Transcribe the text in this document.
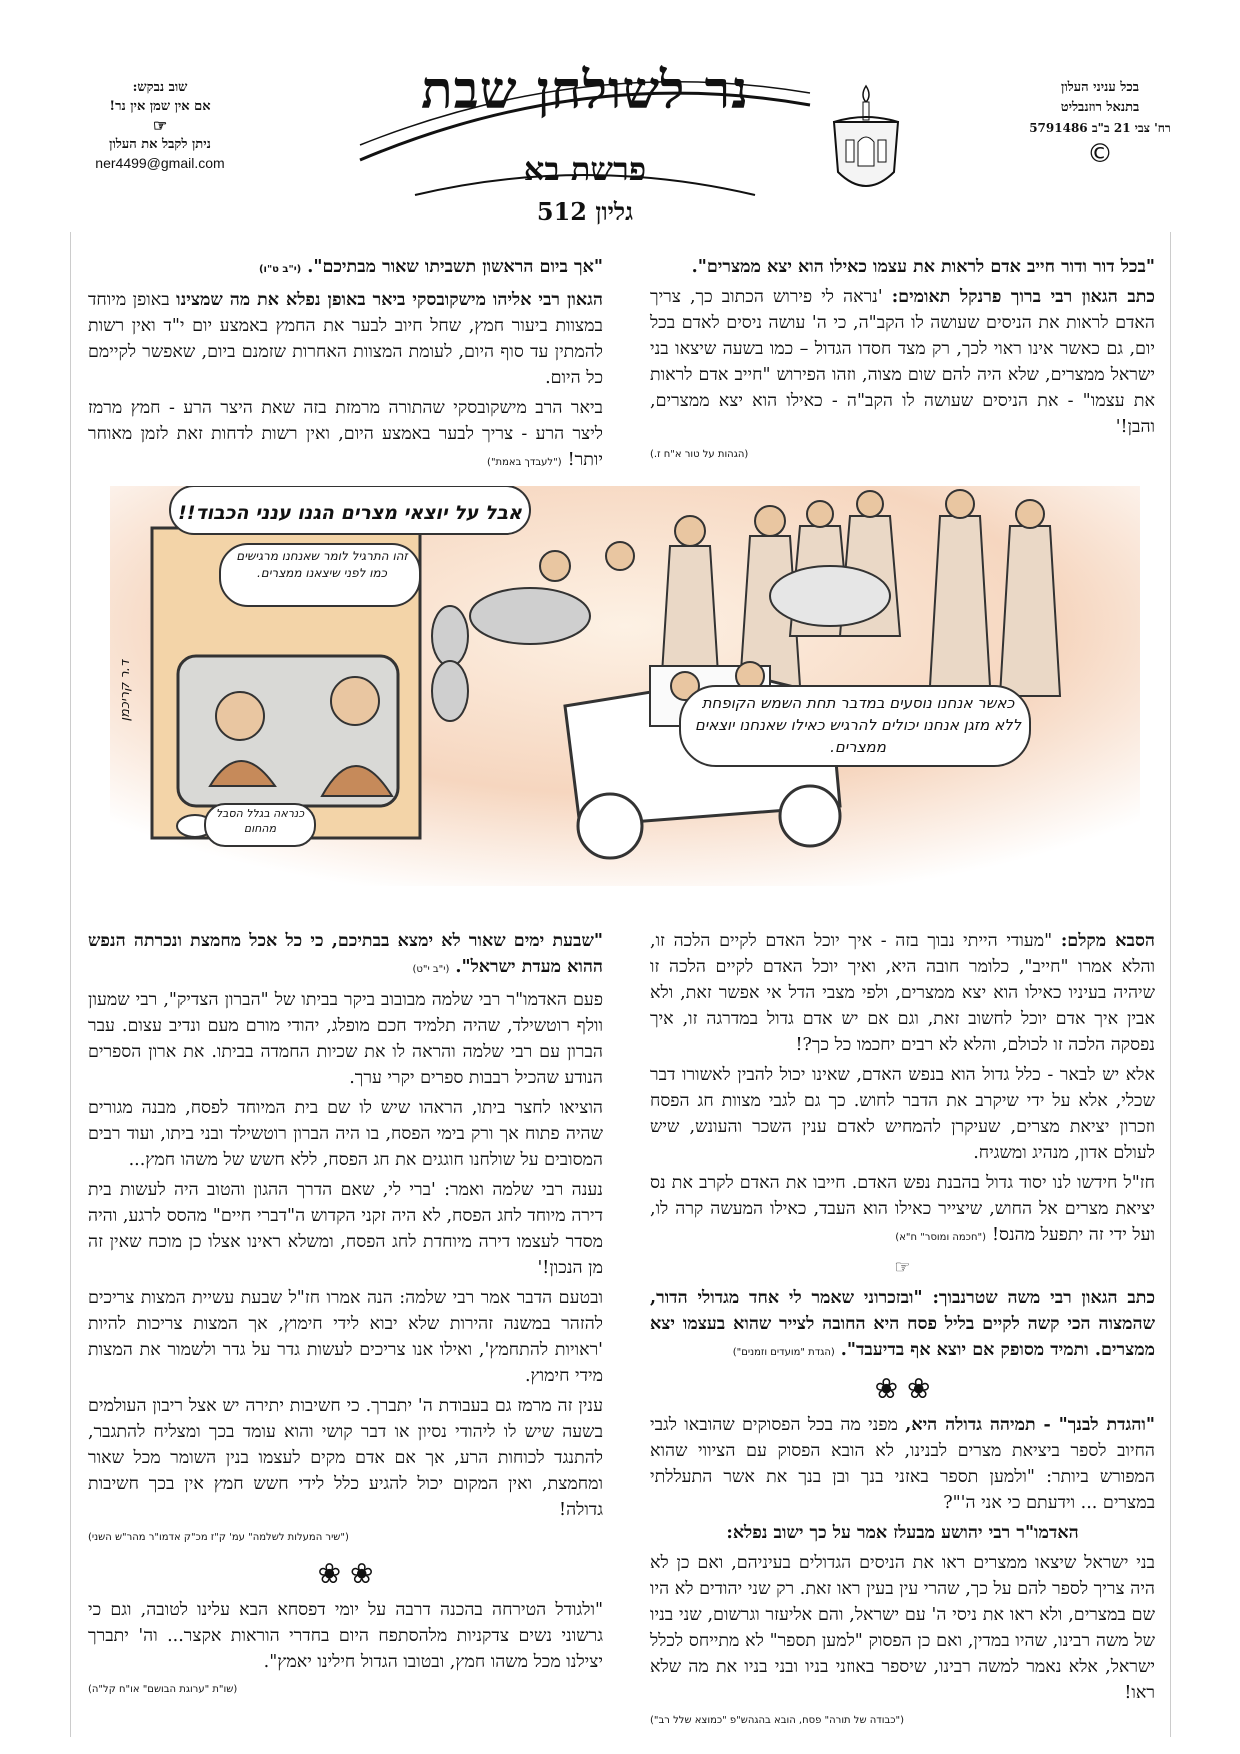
שוב נבקש:
אם אין שמן אין נר!
☞
ניתן לקבל את העלון
ner4499@gmail.com
נר לשולחן שבת
פרשת בא
גליון 512
בכל עניני העלון
בתנאל רוזנבליט
רח' צבי 21 ב"ב 5791486
©

"בכל דור ודור חייב אדם לראות את עצמו כאילו הוא יצא ממצרים".

כתב הגאון רבי ברוך פרנקל תאומים: 'נראה לי פירוש הכתוב כך, צריך האדם לראות את הניסים שעושה לו הקב"ה, כי ה' עושה ניסים לאדם בכל יום, גם כאשר אינו ראוי לכך, רק מצד חסדו הגדול – כמו בשעה שיצאו בני ישראל ממצרים, שלא היה להם שום מצוה, וזהו הפירוש "חייב אדם לראות את עצמו" - את הניסים שעושה לו הקב"ה - כאילו הוא יצא ממצרים, והבן!'

(הגהות על טור א"ח ז.)

"אך ביום הראשון תשביתו שאור מבתיכם".(י"ב ט"ו)

הגאון רבי אליהו מישקובסקי ביאר באופן נפלא את מה שמצינו באופן מיוחד במצוות ביעור חמץ, שחל חיוב לבער את החמץ באמצע יום י"ד ואין רשות להמתין עד סוף היום, לעומת המצוות האחרות שזמנם ביום, שאפשר לקיימם כל היום.

ביאר הרב מישקובסקי שהתורה מרמזת בזה שאת היצר הרע - חמץ מרמז ליצר הרע - צריך לבער באמצע היום, ואין רשות לדחות זאת לזמן מאוחר יותר!("לעבדך באמת")

אבל על יוצאי מצרים הגנו ענני הכבוד!!
זהו התרגיל לומר שאנחנו מרגישים כמו לפני שיצאנו ממצרים.
כאשר אנחנו נוסעים במדבר תחת השמש הקופחת ללא מזגן אנחנו יכולים להרגיש כאילו שאנחנו יוצאים ממצרים.
כנראה בגלל הסבל מהחום
ד.ר קריכמן

הסבא מקלם: "מעודי הייתי נבוך בזה - איך יוכל האדם לקיים הלכה זו, והלא אמרו "חייב", כלומר חובה היא, ואיך יוכל האדם לקיים הלכה זו שיהיה בעיניו כאילו הוא יצא ממצרים, ולפי מצבי הדל אי אפשר זאת, ולא אבין איך אדם יוכל לחשוב זאת, וגם אם יש אדם גדול במדרגה זו, איך נפסקה הלכה זו לכולם, והלא לא רבים יחכמו כל כך?!

אלא יש לבאר - כלל גדול הוא בנפש האדם, שאינו יכול להבין לאשורו דבר שכלי, אלא על ידי שיקרב את הדבר לחוש. כך גם לגבי מצוות חג הפסח וזכרון יציאת מצרים, שעיקרן להמחיש לאדם ענין השכר והעונש, שיש לעולם אדון, מנהיג ומשגיח.

חז"ל חידשו לנו יסוד גדול בהבנת נפש האדם. חייבו את האדם לקרב את נס יציאת מצרים אל החוש, שיצייר כאילו הוא העבד, כאילו המעשה קרה לו, ועל ידי זה יתפעל מהנס!("חכמה ומוסר" ח"א)

☞

כתב הגאון רבי משה שטרנבוך: "ובזכרוני שאמר לי אחד מגדולי הדור, שהמצוה הכי קשה לקיים בליל פסח היא החובה לצייר שהוא בעצמו יצא ממצרים. ותמיד מסופק אם יוצא אף בדיעבד".(הגדת "מועדים וזמנים")

❀ ❀

"והגדת לבנך" - תמיהה גדולה היא, מפני מה בכל הפסוקים שהובאו לגבי החיוב לספר ביציאת מצרים לבנינו, לא הובא הפסוק עם הציווי שהוא המפורש ביותר: "ולמען תספר באזני בנך ובן בנך את אשר התעללתי במצרים ... וידעתם כי אני ה'"?

האדמו"ר רבי יהושע מבעלז אמר על כך ישוב נפלא:

בני ישראל שיצאו ממצרים ראו את הניסים הגדולים בעיניהם, ואם כן לא היה צריך לספר להם על כך, שהרי עין בעין ראו זאת. רק שני יהודים לא היו שם במצרים, ולא ראו את ניסי ה' עם ישראל, והם אליעזר וגרשום, שני בניו של משה רבינו, שהיו במדין, ואם כן הפסוק "למען תספר" לא מתייחס לכלל ישראל, אלא נאמר למשה רבינו, שיספר באוזני בניו ובני בניו את מה שלא ראו!

("כבודה של תורה" פסח, הובא בהגהש"פ "כמוצא שלל רב")

"שבעת ימים שאור לא ימצא בבתיכם, כי כל אכל מחמצת ונכרתה הנפש ההוא מעדת ישראל".(י"ב י"ט)

פעם האדמו"ר רבי שלמה מבובוב ביקר בביתו של "הברון הצדיק", רבי שמעון וולף רוטשילד, שהיה תלמיד חכם מופלג, יהודי מורם מעם ונדיב עצום. עבר הברון עם רבי שלמה והראה לו את שכיות החמדה בביתו. את ארון הספרים הנודע שהכיל רבבות ספרים יקרי ערך.

הוציאו לחצר ביתו, הראהו שיש לו שם בית המיוחד לפסח, מבנה מגורים שהיה פתוח אך ורק בימי הפסח, בו היה הברון רוטשילד ובני ביתו, ועוד רבים המסובים על שולחנו חוגגים את חג הפסח, ללא חשש של משהו חמץ...

נענה רבי שלמה ואמר: 'ברי לי, שאם הדרך ההגון והטוב היה לעשות בית דירה מיוחד לחג הפסח, לא היה זקני הקדוש ה"דברי חיים" מהסס לרגע, והיה מסדר לעצמו דירה מיוחדת לחג הפסח, ומשלא ראינו אצלו כן מוכח שאין זה מן הנכון!'

ובטעם הדבר אמר רבי שלמה: הנה אמרו חז"ל שבעת עשיית המצות צריכים להזהר במשנה זהירות שלא יבוא לידי חימוץ, אך המצות צריכות להיות 'ראויות להתחמץ', ואילו אנו צריכים לעשות גדר על גדר ולשמור את המצות מידי חימוץ.

ענין זה מרמז גם בעבודת ה' יתברך. כי חשיבות יתירה יש אצל ריבון העולמים בשעה שיש לו ליהודי נסיון או דבר קושי והוא עומד בכך ומצליח להתגבר, להתנגד לכוחות הרע, אך אם אדם מקים לעצמו בנין השומר מכל שאור ומחמצת, ואין המקום יכול להגיע כלל לידי חשש חמץ אין בכך חשיבות גדולה!

("שיר המעלות לשלמה" עמ' ק"ז מכ"ק אדמו"ר מהר"ש השני)
❀ ❀

"ולגודל הטירחה בהכנה דרבה על יומי דפסחא הבא עלינו לטובה, וגם כי גרשוני נשים צדקניות מלהסתפח היום בחדרי הוראות אקצר... וה' יתברך יצילנו מכל משהו חמץ, ובטובו הגדול חילינו יאמץ".

(שו"ת "ערוגת הבושם" או"ח קל"ה)
